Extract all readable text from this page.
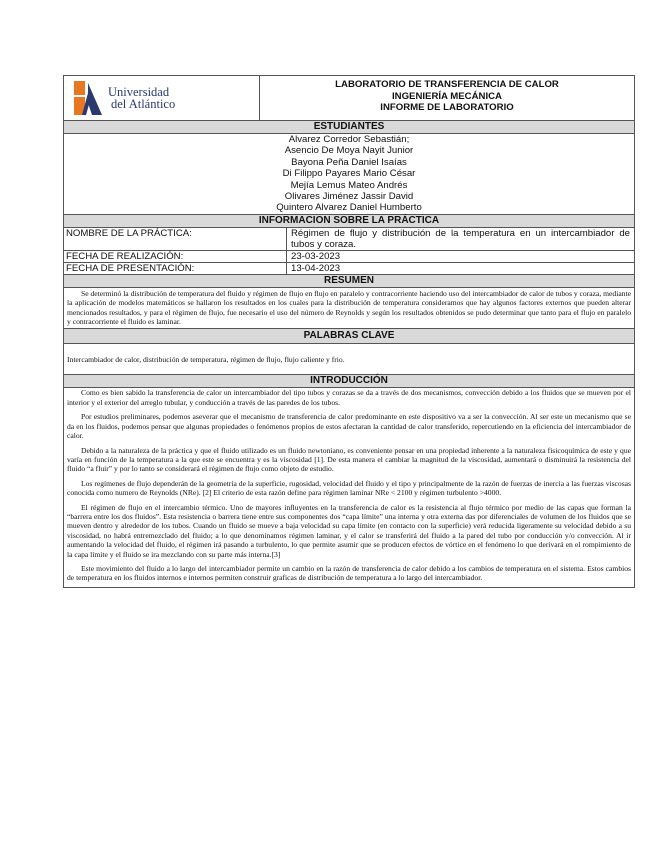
Universidad
del Atlántico
LABORATORIO DE TRANSFERENCIA DE CALOR
INGENIERÍA MECÁNICA
INFORME DE LABORATORIO
ESTUDIANTES
Alvarez Corredor Sebastián;
Asencio De Moya Nayit Junior
Bayona Peña Daniel Isaías
Di Filippo Payares Mario César
Mejía Lemus Mateo Andrés
Olivares Jiménez Jassir David
Quintero Alvarez Daniel Humberto
INFORMACION SOBRE LA PRÁCTICA
NOMBRE DE LA PRÁCTICA:	Régimen de flujo y distribución de la temperatura en un intercambiador de tubos y coraza.
FECHA DE REALIZACIÓN:	23-03-2023
FECHA DE PRESENTACIÓN:	13-04-2023
RESUMEN
Se determinó la distribución de temperatura del fluido y régimen de flujo en flujo en paralelo y contracorriente haciendo uso del intercambiador de calor de tubos y coraza, mediante la aplicación de modelos matemáticos se hallaron los resultados en los cuales para la distribución de temperatura consideramos que hay algunos factores externos que pueden alterar mencionados resultados, y para el régimen de flujo, fue necesario el uso del número de Reynolds y según los resultados obtenidos se pudo determinar que tanto para el flujo en paralelo y contracorriente el fluido es laminar.
PALABRAS CLAVE
Intercambiador de calor, distribución de temperatura, régimen de flujo, flujo caliente y frio.
INTRODUCCIÓN
Como es bien sabido la transferencia de calor un intercambiador del tipo tubos y corazas se da a través de dos mecanismos, convección debido a los fluidos que se mueven por el interior y el exterior del arreglo tubular, y conducción a través de las paredes de los tubos.
Por estudios preliminares, podemos aseverar que el mecanismo de transferencia de calor predominante en este dispositivo va a ser la convección. Al ser este un mecanismo que se da en los fluidos, podemos pensar que algunas propiedades o fenómenos propios de estos afectaran la cantidad de calor transferido, repercutiendo en la eficiencia del intercambiador de calor.
Debido a la naturaleza de la práctica y que el fluido utilizado es un fluido newtoniano, es conveniente pensar en una propiedad inherente a la naturaleza fisicoquímica de este y que varía en función de la temperatura a la que este se encuentra y es la viscosidad [1]. De esta manera el cambiar la magnitud de la viscosidad, aumentará o disminuirá la resistencia del fluido “a fluir” y por lo tanto se considerará el régimen de flujo como objeto de estudio.
Los regímenes de flujo dependerán de la geometría de la superficie, rugosidad, velocidad del fluido y el tipo y principalmente de la razón de fuerzas de inercia a las fuerzas viscosas conocida como numero de Reynolds (NRe). [2] El criterio de esta razón define para régimen laminar NRe < 2100 y régimen turbulento >4000.
El régimen de flujo en el intercambio térmico. Uno de mayores influyentes en la transferencia de calor es la resistencia al flujo térmico por medio de las capas que forman la “barrera entre los dos fluidos”. Esta resistencia o barrera tiene entre sus componentes dos “capa límite” una interna y otra externa das por diferenciales de volumen de los fluidos que se mueven dentro y alrededor de los tubos. Cuando un fluido se mueve a baja velocidad su capa límite (en contacto con la superficie) verá reducida ligeramente su velocidad debido a su viscosidad, no habrá entremezclado del fluido; a lo que denominamos régimen laminar, y el calor se transferirá del fluido a la pared del tubo por conducción y/o convección. Al ir aumentando la velocidad del fluido, el régimen irá pasando a turbulento, lo que permite asumir que se producen efectos de vórtice en el fenómeno lo que derivará en el rompimiento de la capa límite y el fluido se ira mezclando con su parte más interna.[3]
Este movimiento del fluido a lo largo del intercambiador permite un cambio en la razón de transferencia de calor debido a los cambios de temperatura en el sistema. Estos cambios de temperatura en los fluidos internos e internos permiten construir graficas de distribución de temperatura a lo largo del intercambiador.
